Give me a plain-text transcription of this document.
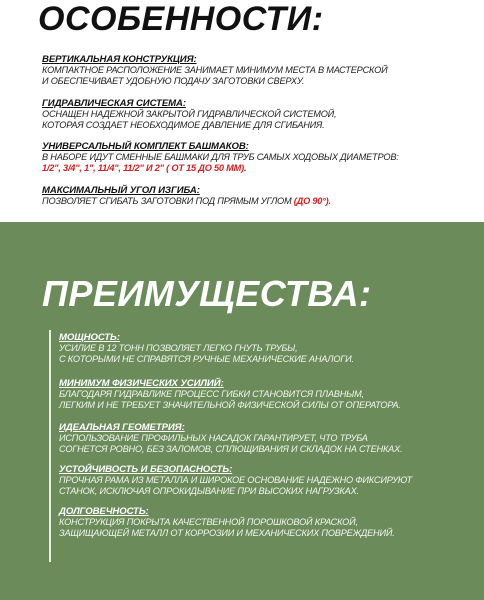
ОСОБЕННОСТИ:
ВЕРТИКАЛЬНАЯ КОНСТРУКЦИЯ:
КОМПАКТНОЕ РАСПОЛОЖЕНИЕ ЗАНИМАЕТ МИНИМУМ МЕСТА В МАСТЕРСКОЙ
И ОБЕСПЕЧИВАЕТ УДОБНУЮ ПОДАЧУ ЗАГОТОВКИ СВЕРХУ.
ГИДРАВЛИЧЕСКАЯ СИСТЕМА:
ОСНАЩЕН НАДЕЖНОЙ ЗАКРЫТОЙ ГИДРАВЛИЧЕСКОЙ СИСТЕМОЙ,
КОТОРАЯ СОЗДАЕТ НЕОБХОДИМОЕ ДАВЛЕНИЕ ДЛЯ СГИБАНИЯ.
УНИВЕРСАЛЬНЫЙ КОМПЛЕКТ БАШМАКОВ:
В НАБОРЕ ИДУТ СМЕННЫЕ БАШМАКИ ДЛЯ ТРУБ САМЫХ ХОДОВЫХ ДИАМЕТРОВ:
1/2", 3/4", 1", 11/4", 11/2" И 2" ( ОТ 15 ДО 50 ММ).
МАКСИМАЛЬНЫЙ УГОЛ ИЗГИБА:
ПОЗВОЛЯЕТ СГИБАТЬ ЗАГОТОВКИ ПОД ПРЯМЫМ УГЛОМ (ДО 90°).
ПРЕИМУЩЕСТВА:
МОЩНОСТЬ:
УСИЛИЕ В 12 ТОНН ПОЗВОЛЯЕТ ЛЕГКО ГНУТЬ ТРУБЫ,
С КОТОРЫМИ НЕ СПРАВЯТСЯ РУЧНЫЕ МЕХАНИЧЕСКИЕ АНАЛОГИ.
МИНИМУМ ФИЗИЧЕСКИХ УСИЛИЙ:
БЛАГОДАРЯ ГИДРАВЛИКЕ ПРОЦЕСС ГИБКИ СТАНОВИТСЯ ПЛАВНЫМ,
ЛЕГКИМ И НЕ ТРЕБУЕТ ЗНАЧИТЕЛЬНОЙ ФИЗИЧЕСКОЙ СИЛЫ ОТ ОПЕРАТОРА.
ИДЕАЛЬНАЯ ГЕОМЕТРИЯ:
ИСПОЛЬЗОВАНИЕ ПРОФИЛЬНЫХ НАСАДОК ГАРАНТИРУЕТ, ЧТО ТРУБА
СОГНЕТСЯ РОВНО, БЕЗ ЗАЛОМОВ, СПЛЮЩИВАНИЯ И СКЛАДОК НА СТЕНКАХ.
УСТОЙЧИВОСТЬ И БЕЗОПАСНОСТЬ:
ПРОЧНАЯ РАМА ИЗ МЕТАЛЛА И ШИРОКОЕ ОСНОВАНИЕ НАДЕЖНО ФИКСИРУЮТ
СТАНОК, ИСКЛЮЧАЯ ОПРОКИДЫВАНИЕ ПРИ ВЫСОКИХ НАГРУЗКАХ.
ДОЛГОВЕЧНОСТЬ:
КОНСТРУКЦИЯ ПОКРЫТА КАЧЕСТВЕННОЙ ПОРОШКОВОЙ КРАСКОЙ,
ЗАЩИЩАЮЩЕЙ МЕТАЛЛ ОТ КОРРОЗИИ И МЕХАНИЧЕСКИХ ПОВРЕЖДЕНИЙ.
